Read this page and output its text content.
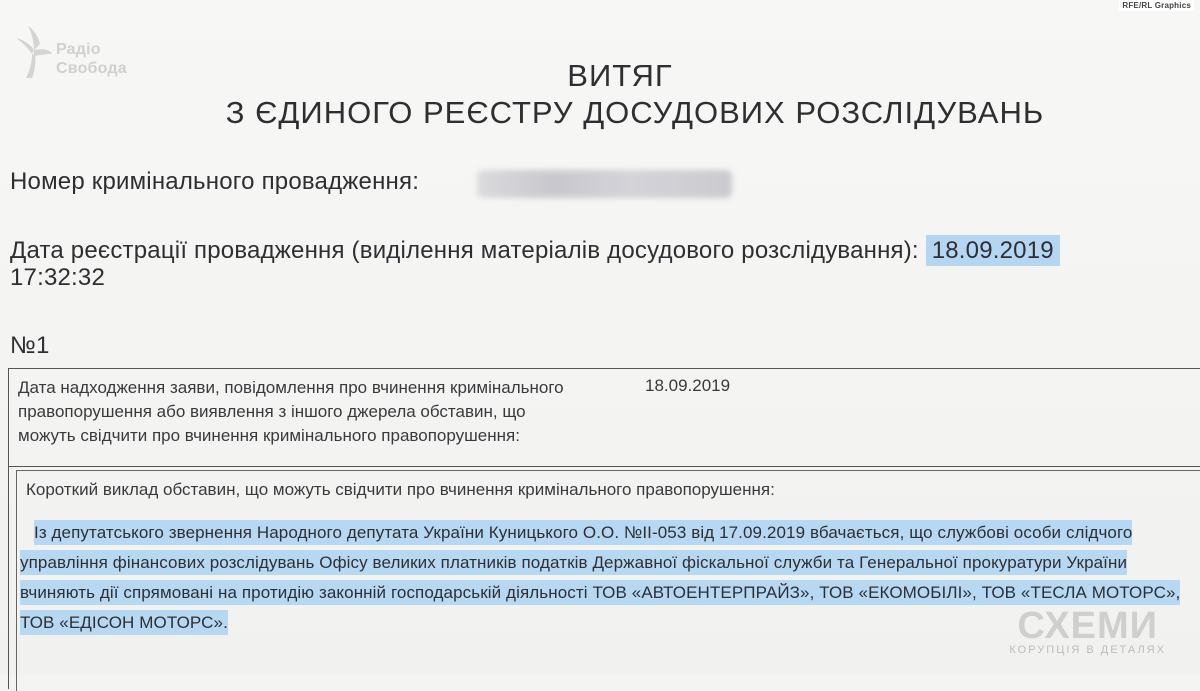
RFE/RL Graphics
Радіо
Свобода	ВИТЯГ
З ЄДИНОГО РЕЄСТРУ ДОСУДОВИХ РОЗСЛІДУВАНЬ
Номер кримінального провадження:
Дата реєстрації провадження (виділення матеріалів досудового розслідування): 18.09.2019
17:32:32
№1
Дата надходження заяви, повідомлення про вчинення кримінального правопорушення або виявлення з іншого джерела обставин, що можуть свідчити про вчинення кримінального правопорушення:
18.09.2019
Короткий виклад обставин, що можуть свідчити про вчинення кримінального правопорушення:
Із депутатського звернення Народного депутата України Куницького О.О. №ІІ-053 від 17.09.2019 вбачається, що службові особи слідчого управління фінансових розслідувань Офісу великих платників податків Державної фіскальної служби та Генеральної прокуратури України вчиняють дії спрямовані на протидію законній господарській діяльності ТОВ «АВТОЕНТЕРПРАЙЗ», ТОВ «ЕКОМОБІЛІ», ТОВ «ТЕСЛА МОТОРС», ТОВ «ЕДІСОН МОТОРС».	СХЕМИ
КОРУПЦІЯ В ДЕТАЛЯХ
